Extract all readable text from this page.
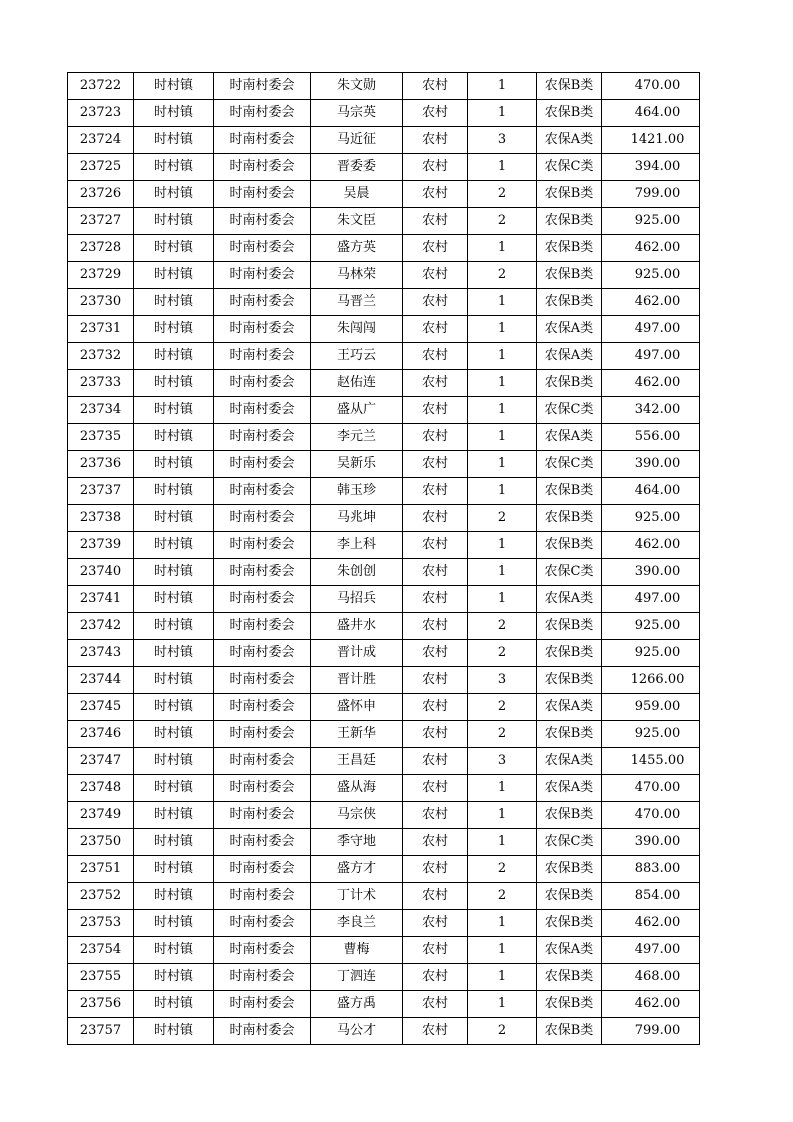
23722	时村镇	时南村委会	朱文勋	农村	1	农保B类	470.00
23723	时村镇	时南村委会	马宗英	农村	1	农保B类	464.00
23724	时村镇	时南村委会	马近征	农村	3	农保A类	1421.00
23725	时村镇	时南村委会	晋委委	农村	1	农保C类	394.00
23726	时村镇	时南村委会	吴晨	农村	2	农保B类	799.00
23727	时村镇	时南村委会	朱文臣	农村	2	农保B类	925.00
23728	时村镇	时南村委会	盛方英	农村	1	农保B类	462.00
23729	时村镇	时南村委会	马林荣	农村	2	农保B类	925.00
23730	时村镇	时南村委会	马晋兰	农村	1	农保B类	462.00
23731	时村镇	时南村委会	朱闯闯	农村	1	农保A类	497.00
23732	时村镇	时南村委会	王巧云	农村	1	农保A类	497.00
23733	时村镇	时南村委会	赵佑连	农村	1	农保B类	462.00
23734	时村镇	时南村委会	盛从广	农村	1	农保C类	342.00
23735	时村镇	时南村委会	李元兰	农村	1	农保A类	556.00
23736	时村镇	时南村委会	吴新乐	农村	1	农保C类	390.00
23737	时村镇	时南村委会	韩玉珍	农村	1	农保B类	464.00
23738	时村镇	时南村委会	马兆坤	农村	2	农保B类	925.00
23739	时村镇	时南村委会	李上科	农村	1	农保B类	462.00
23740	时村镇	时南村委会	朱创创	农村	1	农保C类	390.00
23741	时村镇	时南村委会	马招兵	农村	1	农保A类	497.00
23742	时村镇	时南村委会	盛井水	农村	2	农保B类	925.00
23743	时村镇	时南村委会	晋计成	农村	2	农保B类	925.00
23744	时村镇	时南村委会	晋计胜	农村	3	农保B类	1266.00
23745	时村镇	时南村委会	盛怀申	农村	2	农保A类	959.00
23746	时村镇	时南村委会	王新华	农村	2	农保B类	925.00
23747	时村镇	时南村委会	王昌廷	农村	3	农保A类	1455.00
23748	时村镇	时南村委会	盛从海	农村	1	农保A类	470.00
23749	时村镇	时南村委会	马宗侠	农村	1	农保B类	470.00
23750	时村镇	时南村委会	季守地	农村	1	农保C类	390.00
23751	时村镇	时南村委会	盛方才	农村	2	农保B类	883.00
23752	时村镇	时南村委会	丁计术	农村	2	农保B类	854.00
23753	时村镇	时南村委会	李良兰	农村	1	农保B类	462.00
23754	时村镇	时南村委会	曹梅	农村	1	农保A类	497.00
23755	时村镇	时南村委会	丁泗连	农村	1	农保B类	468.00
23756	时村镇	时南村委会	盛方禹	农村	1	农保B类	462.00
23757	时村镇	时南村委会	马公才	农村	2	农保B类	799.00
